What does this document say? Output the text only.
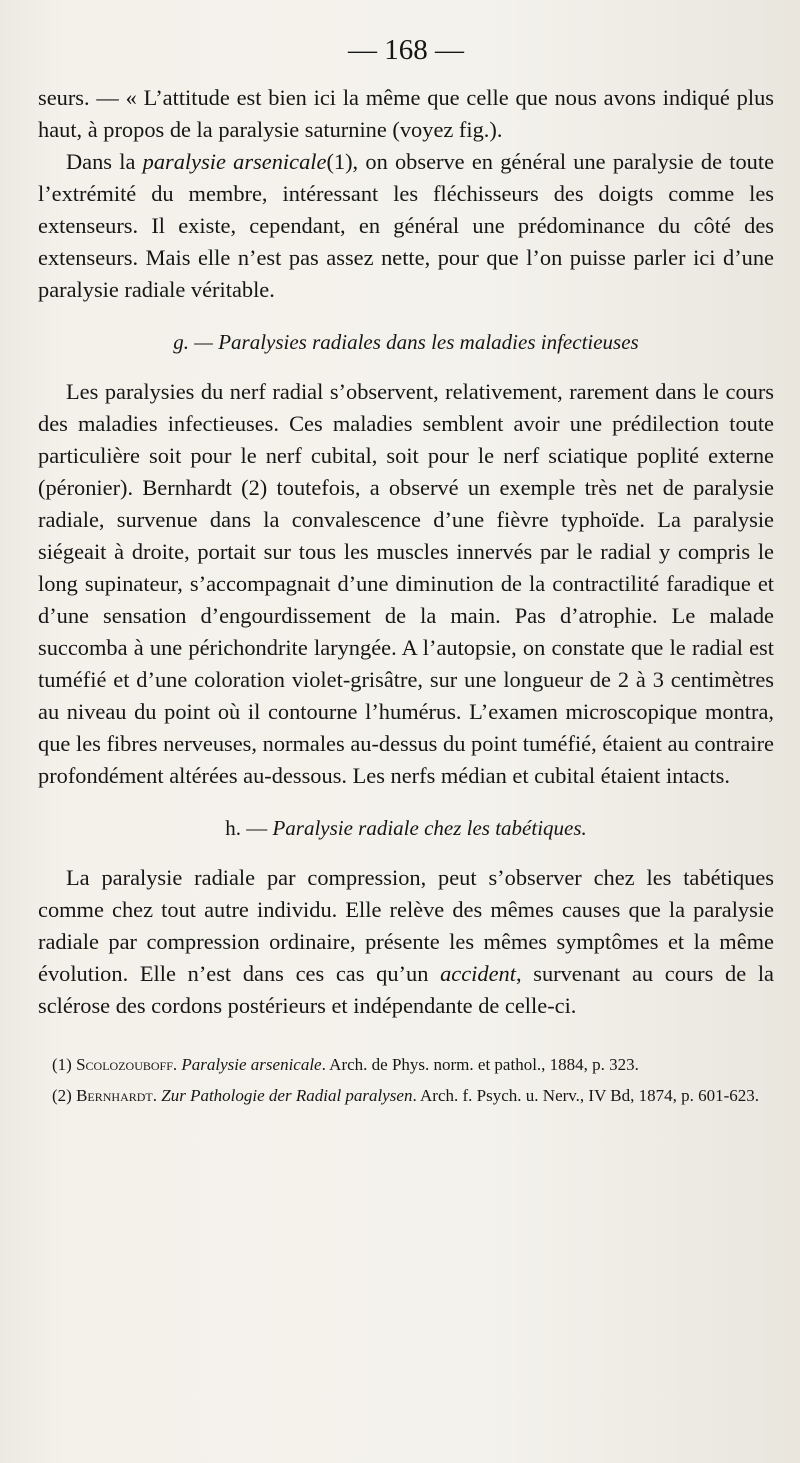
— 168 —

seurs. — « L’attitude est bien ici la même que celle que nous avons indiqué plus haut, à propos de la paralysie saturnine (voyez fig.).

Dans la paralysie arsenicale(1), on observe en général une paralysie de toute l’extrémité du membre, intéressant les fléchisseurs des doigts comme les extenseurs. Il existe, cependant, en général une prédominance du côté des extenseurs. Mais elle n’est pas assez nette, pour que l’on puisse parler ici d’une paralysie radiale véritable.

g. — Paralysies radiales dans les maladies infectieuses

Les paralysies du nerf radial s’observent, relativement, rarement dans le cours des maladies infectieuses. Ces maladies semblent avoir une prédilection toute particulière soit pour le nerf cubital, soit pour le nerf sciatique poplité externe (péronier). Bernhardt (2) toutefois, a observé un exemple très net de paralysie radiale, survenue dans la convalescence d’une fièvre typhoïde. La paralysie siégeait à droite, portait sur tous les muscles innervés par le radial y compris le long supinateur, s’accompagnait d’une diminution de la contractilité faradique et d’une sensation d’engourdissement de la main. Pas d’atrophie. Le malade succomba à une périchondrite laryngée. A l’autopsie, on constate que le radial est tuméfié et d’une coloration violet-grisâtre, sur une longueur de 2 à 3 centimètres au niveau du point où il contourne l’humérus. L’examen microscopique montra, que les fibres nerveuses, normales au-dessus du point tuméfié, étaient au contraire profondément altérées au-dessous. Les nerfs médian et cubital étaient intacts.

h. — Paralysie radiale chez les tabétiques.

La paralysie radiale par compression, peut s’observer chez les tabétiques comme chez tout autre individu. Elle relève des mêmes causes que la paralysie radiale par compression ordinaire, présente les mêmes symptômes et la même évolution. Elle n’est dans ces cas qu’un accident, survenant au cours de la sclérose des cordons postérieurs et indépendante de celle-ci.

(1) Scolozouboff. Paralysie arsenicale. Arch. de Phys. norm. et pathol., 1884, p. 323.

(2) Bernhardt. Zur Pathologie der Radial paralysen. Arch. f. Psych. u. Nerv., IV Bd, 1874, p. 601-623.
